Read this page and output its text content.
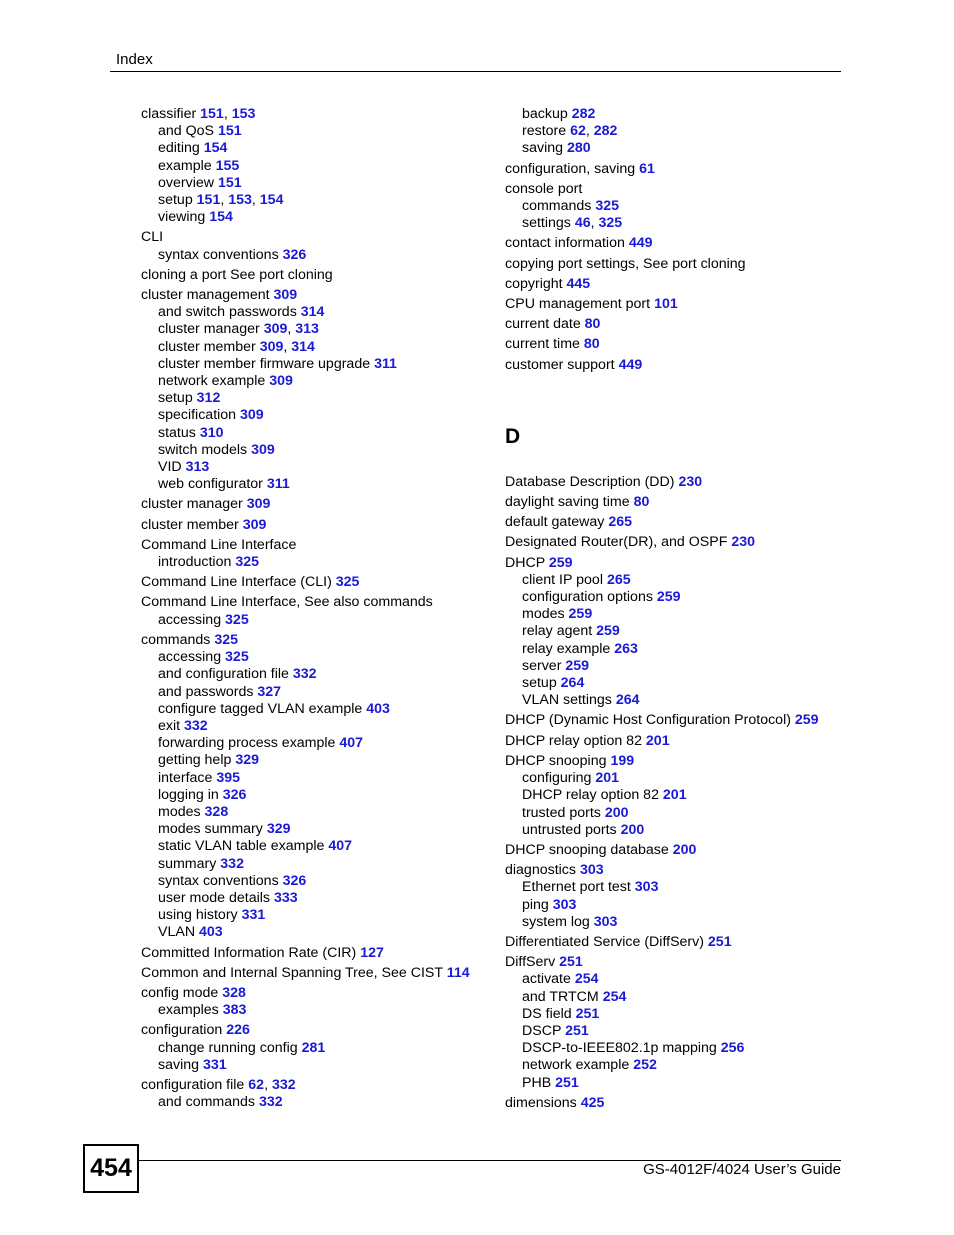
Index
classifier 151, 153
and QoS 151
editing 154
example 155
overview 151
setup 151, 153, 154
viewing 154
CLI
syntax conventions 326
cloning a port See port cloning
cluster management 309
and switch passwords 314
cluster manager 309, 313
cluster member 309, 314
cluster member firmware upgrade 311
network example 309
setup 312
specification 309
status 310
switch models 309
VID 313
web configurator 311
cluster manager 309
cluster member 309
Command Line Interface
introduction 325
Command Line Interface (CLI) 325
Command Line Interface, See also commands
accessing 325
commands 325
accessing 325
and configuration file 332
and passwords 327
configure tagged VLAN example 403
exit 332
forwarding process example 407
getting help 329
interface 395
logging in 326
modes 328
modes summary 329
static VLAN table example 407
summary 332
syntax conventions 326
user mode details 333
using history 331
VLAN 403
Committed Information Rate (CIR) 127
Common and Internal Spanning Tree, See CIST 114
config mode 328
examples 383
configuration 226
change running config 281
saving 331
configuration file 62, 332
and commands 332
backup 282
restore 62, 282
saving 280
configuration, saving 61
console port
commands 325
settings 46, 325
contact information 449
copying port settings, See port cloning
copyright 445
CPU management port 101
current date 80
current time 80
customer support 449
D
Database Description (DD) 230
daylight saving time 80
default gateway 265
Designated Router(DR), and OSPF 230
DHCP 259
client IP pool 265
configuration options 259
modes 259
relay agent 259
relay example 263
server 259
setup 264
VLAN settings 264
DHCP (Dynamic Host Configuration Protocol) 259
DHCP relay option 82 201
DHCP snooping 199
configuring 201
DHCP relay option 82 201
trusted ports 200
untrusted ports 200
DHCP snooping database 200
diagnostics 303
Ethernet port test 303
ping 303
system log 303
Differentiated Service (DiffServ) 251
DiffServ 251
activate 254
and TRTCM 254
DS field 251
DSCP 251
DSCP-to-IEEE802.1p mapping 256
network example 252
PHB 251
dimensions 425
454	GS-4012F/4024 User’s Guide
